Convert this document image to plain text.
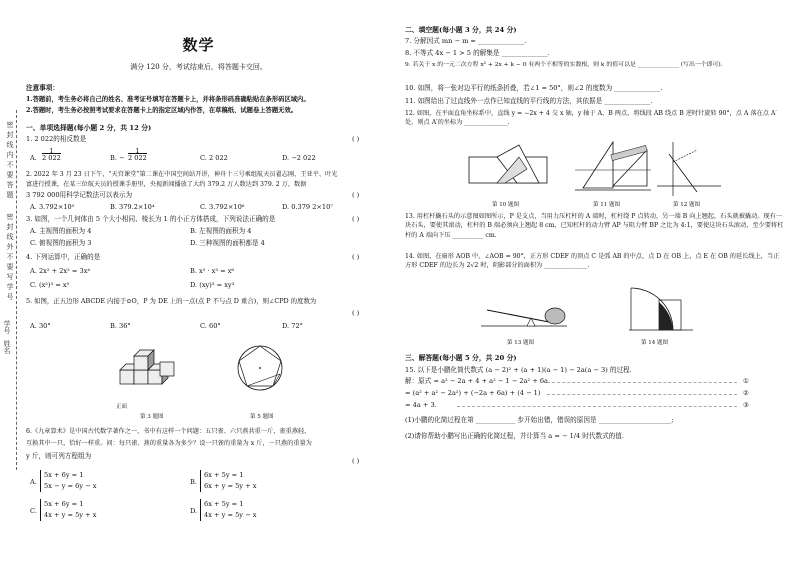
密
封
线
内
不
要
答
题
密
封
线
外
不
要
写
学
号
学号
姓名
数学
满分 120 分，考试结束后，将答题卡交回。
注意事项：
1.答题前，考生务必将自己的姓名、准考证号填写在答题卡上，并将条形码准确粘贴在条形码区域内。
2.答题时，考生务必按照考试要求在答题卡上的指定区域内作答，在草稿纸、试题卷上答题无效。
一、单项选择题(每小题 2 分，共 12 分)
1. 2 022的相反数是	( )
A.
1
2 022	B. −
1
2 022	C. 2 022	D. −2 022
2. 2022 年 3 月 23 日下午，“天宫课堂”第二课在中国空间站开讲，神舟十三号乘组航天员翟志刚、王亚平、叶光
富进行授课，在某三位航天员的授课手册里，央视新闻播放了大约 379.2 万人数达到 379. 2 万，数据
3 792 000用科学记数法可以表示为	( )
A. 3.792×10⁵	B. 379.2×10⁴	C. 3.792×10⁶	D. 0.379 2×10⁷
3. 如图，一个几何体由 5 个大小相同、棱长为 1 的小正方体搭成，下列说法正确的是	( )
A. 主视图的面积为 4	B. 左视图的面积为 4
C. 俯视图的面积为 3	D. 三种视图的面积都是 4
4. 下列运算中，正确的是	( )
A. 2x² + 2x² = 3x⁴	B. x² · x³ = x⁶
C. (x²)³ = x⁵	D. (xy)³ = xy³
5. 如图，正五边形 ABCDE 内接于⊙O，P 为 DE 上的一点(点 P 不与点 D 重合)，则∠CPD 的度数为
( )
A. 30°	B. 36°	C. 60°	D. 72°
正面
第 3 题图	第 5 题图
6.《九章算术》是中国古代数学著作之一，书中有这样一个问题：五只雀、六只燕共重一斤，雀重燕轻，
互换其中一只，恰好一样重。问：每只雀、燕的重量各为多少？设一只雀的重量为 x 斤，一只燕的重量为
y 斤，则可列方程组为
( )
A.
5x + 6y = 1
5x − y = 6y − x	B.
6x + 5y = 1
6x + y = 5y + x
C.
5x + 6y = 1
4x + y = 5y + x	D.
6x + 5y = 1
4x + y = 5y − x
二、填空题(每小题 3 分，共 24 分)
7. 分解因式 mn − m = ______________.
8. 不等式 4x − 1 > 5 的解集是 ______________.
9. 若关于 x 的一元二次方程 x² + 2x + k − 0 有两个不相等的实数根，则 k 的值可以是 ______________ (写出一个即可).
10. 如图，将一张对边平行的纸条折叠，若∠1 = 50°，则∠2 的度数为 ______________.
11. 如图给出了过直线外一点作已知直线的平行线的方法，其依据是 ______________.
12. 如图，在平面直角坐标系中，直线 y = −2x + 4 交 x 轴，y 轴于 A、B 两点，将线段 AB 绕点 B 逆时针旋转 90°，点 A 落在点 A′处，则点 A′的坐标为 ______________.
第 10 题图	第 11 题图	第 12 题图
13. 用杠杆撬石头的示意图如图所示，P 是支点，当用力压杠杆的 A 端时，杠杆绕 P 点转动，另一端 B 向上翘起，石头就被撬动。现有一块石头，要使其滚动，杠杆的 B 端必须向上翘起 8 cm，已知杠杆的动力臂 AP 与阻力臂 BP 之比为 4:1，要使这块石头滚动，至少要将杠杆的 A 端向下压 __________ cm.
14. 如图，在扇形 AOB 中，∠AOB = 90°，正方形 CDEF 的顶点 C 是弧 AB 的中点，点 D 在 OB 上，点 E 在 OB 的延长线上，当正方形 CDEF 的边长为 2√2 时，阴影部分的面积为 ______________.
第 13 题图	第 14 题图
三、解答题(每小题 5 分，共 20 分)
15. 以下是小鹏化简代数式 (a − 2)² + (a + 1)(a − 1) − 2a(a − 3) 的过程.
解：原式 = a² − 2a + 4 + a² − 1 − 2a² + 6a	①
= (a² + a² − 2a²) + (−2a + 6a) + (4 − 1)	②
= 4a + 3.	③
(1)小鹏的化简过程在第 ____________ 步开始出错，错误的原因是 ______________________;
(2)请你帮助小鹏写出正确的化简过程，并计算当 a = − 1/4 时代数式的值.
